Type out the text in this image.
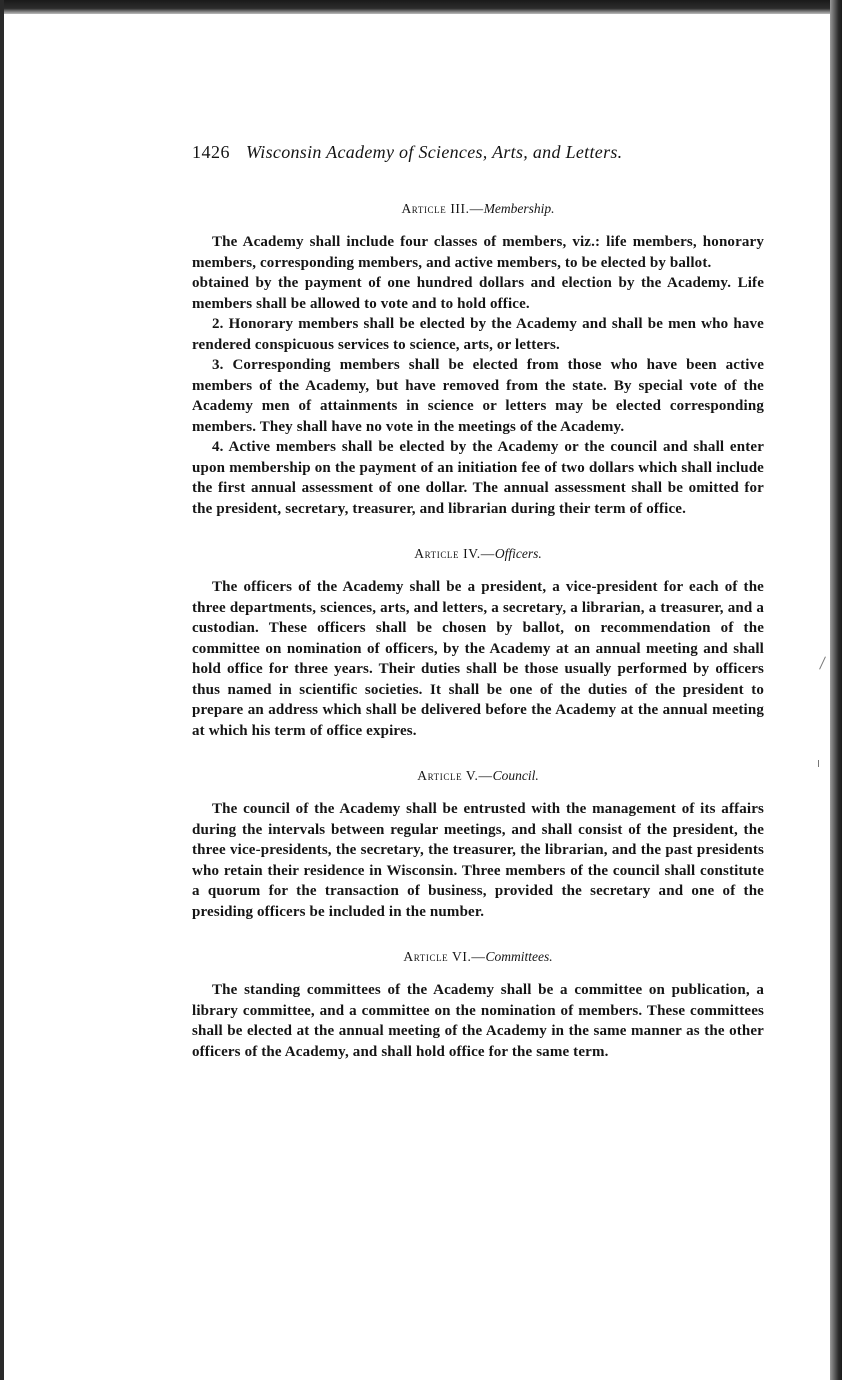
1426 Wisconsin Academy of Sciences, Arts, and Letters.
Article III.—Membership.

The Academy shall include four classes of members, viz.: life members, honorary members, corresponding members, and active members, to be elected by ballot.

obtained by the payment of one hundred dollars and election by the Academy. Life members shall be allowed to vote and to hold office.

2. Honorary members shall be elected by the Academy and shall be men who have rendered conspicuous services to science, arts, or letters.

3. Corresponding members shall be elected from those who have been active members of the Academy, but have removed from the state. By special vote of the Academy men of attainments in science or letters may be elected corresponding members. They shall have no vote in the meetings of the Academy.

4. Active members shall be elected by the Academy or the council and shall enter upon membership on the payment of an initiation fee of two dollars which shall include the first annual assessment of one dollar. The annual assessment shall be omitted for the president, secretary, treasurer, and librarian during their term of office.

Article IV.—Officers.

The officers of the Academy shall be a president, a vice-president for each of the three departments, sciences, arts, and letters, a secretary, a librarian, a treasurer, and a custodian. These officers shall be chosen by ballot, on recommendation of the committee on nomination of officers, by the Academy at an annual meeting and shall hold office for three years. Their duties shall be those usually performed by officers thus named in scientific societies. It shall be one of the duties of the president to prepare an address which shall be delivered before the Academy at the annual meeting at which his term of office expires.

Article V.—Council.

The council of the Academy shall be entrusted with the management of its affairs during the intervals between regular meetings, and shall consist of the president, the three vice-presidents, the secretary, the treasurer, the librarian, and the past presidents who retain their residence in Wisconsin. Three members of the council shall constitute a quorum for the transaction of business, provided the secretary and one of the presiding officers be included in the number.

Article VI.—Committees.

The standing committees of the Academy shall be a committee on publication, a library committee, and a committee on the nomination of members. These committees shall be elected at the annual meeting of the Academy in the same manner as the other officers of the Academy, and shall hold office for the same term.
